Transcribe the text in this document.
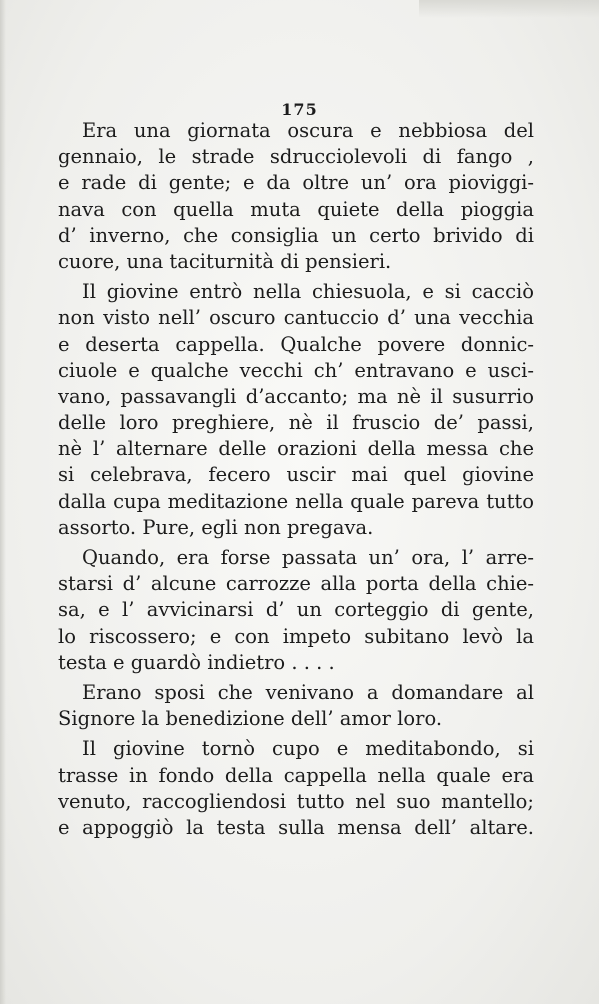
175
Era una giornata oscura e nebbiosa del
gennaio, le strade sdrucciolevoli di fango ,
e rade di gente; e da oltre un’ ora pioviggi-
nava con quella muta quiete della pioggia
d’ inverno, che consiglia un certo brivido di
cuore, una taciturnità di pensieri.
Il giovine entrò nella chiesuola, e si cacciò
non visto nell’ oscuro cantuccio d’ una vecchia
e deserta cappella. Qualche povere donnic-
ciuole e qualche vecchi ch’ entravano e usci-
vano, passavangli d’accanto; ma nè il susurrio
delle loro preghiere, nè il fruscio de’ passi,
nè l’ alternare delle orazioni della messa che
si celebrava, fecero uscir mai quel giovine
dalla cupa meditazione nella quale pareva tutto
assorto. Pure, egli non pregava.
Quando, era forse passata un’ ora, l’ arre-
starsi d’ alcune carrozze alla porta della chie-
sa, e l’ avvicinarsi d’ un corteggio di gente,
lo riscossero; e con impeto subitano levò la
testa e guardò indietro . . . .
Erano sposi che venivano a domandare al
Signore la benedizione dell’ amor loro.
Il giovine tornò cupo e meditabondo, si
trasse in fondo della cappella nella quale era
venuto, raccogliendosi tutto nel suo mantello;
e appoggiò la testa sulla mensa dell’ altare.
